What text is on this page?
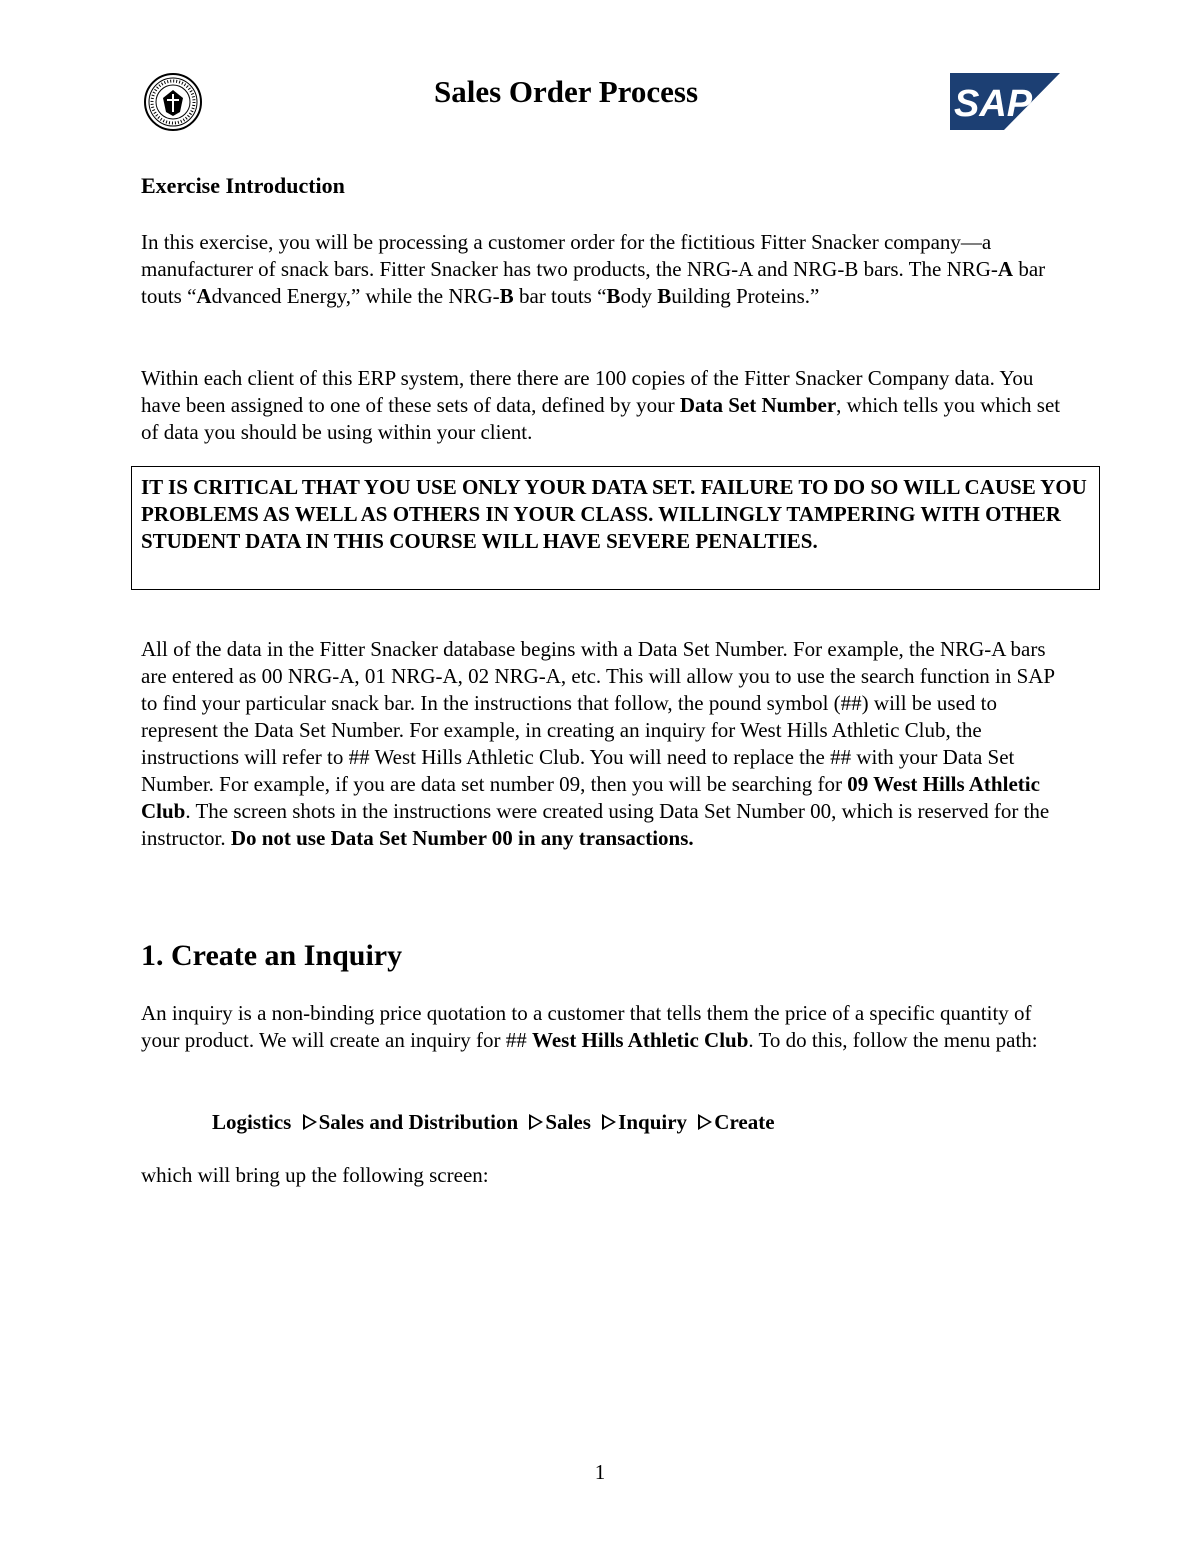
Sales Order Process	SAP

Exercise Introduction

In this exercise, you will be processing a customer order for the fictitious Fitter Snacker company—a manufacturer of snack bars. Fitter Snacker has two products, the NRG-A and NRG-B bars. The NRG-A bar touts “Advanced Energy,” while the NRG-B bar touts “Body Building Proteins.”

Within each client of this ERP system, there there are 100 copies of the Fitter Snacker Company data. You have been assigned to one of these sets of data, defined by your Data Set Number, which tells you which set of data you should be using within your client.

IT IS CRITICAL THAT YOU USE ONLY YOUR DATA SET. FAILURE TO DO SO WILL CAUSE YOU PROBLEMS AS WELL AS OTHERS IN YOUR CLASS. WILLINGLY TAMPERING WITH OTHER STUDENT DATA IN THIS COURSE WILL HAVE SEVERE PENALTIES.

All of the data in the Fitter Snacker database begins with a Data Set Number. For example, the NRG-A bars are entered as 00 NRG-A, 01 NRG-A, 02 NRG-A, etc. This will allow you to use the search function in SAP to find your particular snack bar. In the instructions that follow, the pound symbol (##) will be used to represent the Data Set Number. For example, in creating an inquiry for West Hills Athletic Club, the instructions will refer to ## West Hills Athletic Club. You will need to replace the ## with your Data Set Number. For example, if you are data set number 09, then you will be searching for 09 West Hills Athletic Club. The screen shots in the instructions were created using Data Set Number 00, which is reserved for the instructor. Do not use Data Set Number 00 in any transactions.

1. Create an Inquiry

An inquiry is a non-binding price quotation to a customer that tells them the price of a specific quantity of your product. We will create an inquiry for ## West Hills Athletic Club. To do this, follow the menu path:

Logistics Sales and Distribution Sales Inquiry Create

which will bring up the following screen:

1
